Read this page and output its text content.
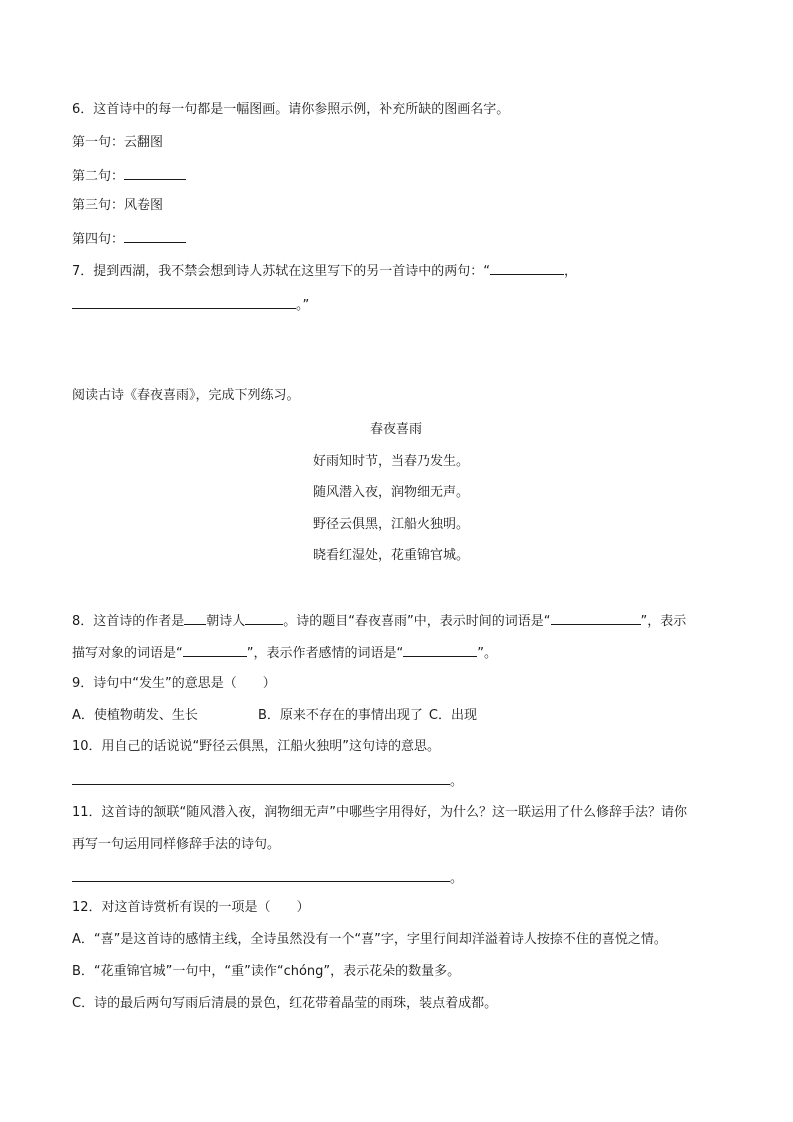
6．这首诗中的每一句都是一幅图画。请你参照示例，补充所缺的图画名字。
第一句：云翻图
第二句：
第三句：风卷图
第四句：
7．提到西湖，我不禁会想到诗人苏轼在这里写下的另一首诗中的两句：“	，
。”
阅读古诗《春夜喜雨》，完成下列练习。
春夜喜雨
好雨知时节，当春乃发生。
随风潜入夜，润物细无声。
野径云俱黑，江船火独明。
晓看红湿处，花重锦官城。
8．这首诗的作者是 朝诗人	。诗的题目“春夜喜雨”中，表示时间的词语是“	”，表示
描写对象的词语是“	”，表示作者感情的词语是“	”。
9．诗句中“发生”的意思是（　　）
A．使植物萌发、生长	B．原来不存在的事情出现了 C．出现
10．用自己的话说说“野径云俱黑，江船火独明”这句诗的意思。
。
11．这首诗的颔联“随风潜入夜，润物细无声”中哪些字用得好，为什么？这一联运用了什么修辞手法？请你
再写一句运用同样修辞手法的诗句。
。
12．对这首诗赏析有误的一项是（　　）
A．“喜”是这首诗的感情主线，全诗虽然没有一个“喜”字，字里行间却洋溢着诗人按捺不住的喜悦之情。
B．“花重锦官城”一句中，“重”读作“chóng”，表示花朵的数量多。
C．诗的最后两句写雨后清晨的景色，红花带着晶莹的雨珠，装点着成都。
